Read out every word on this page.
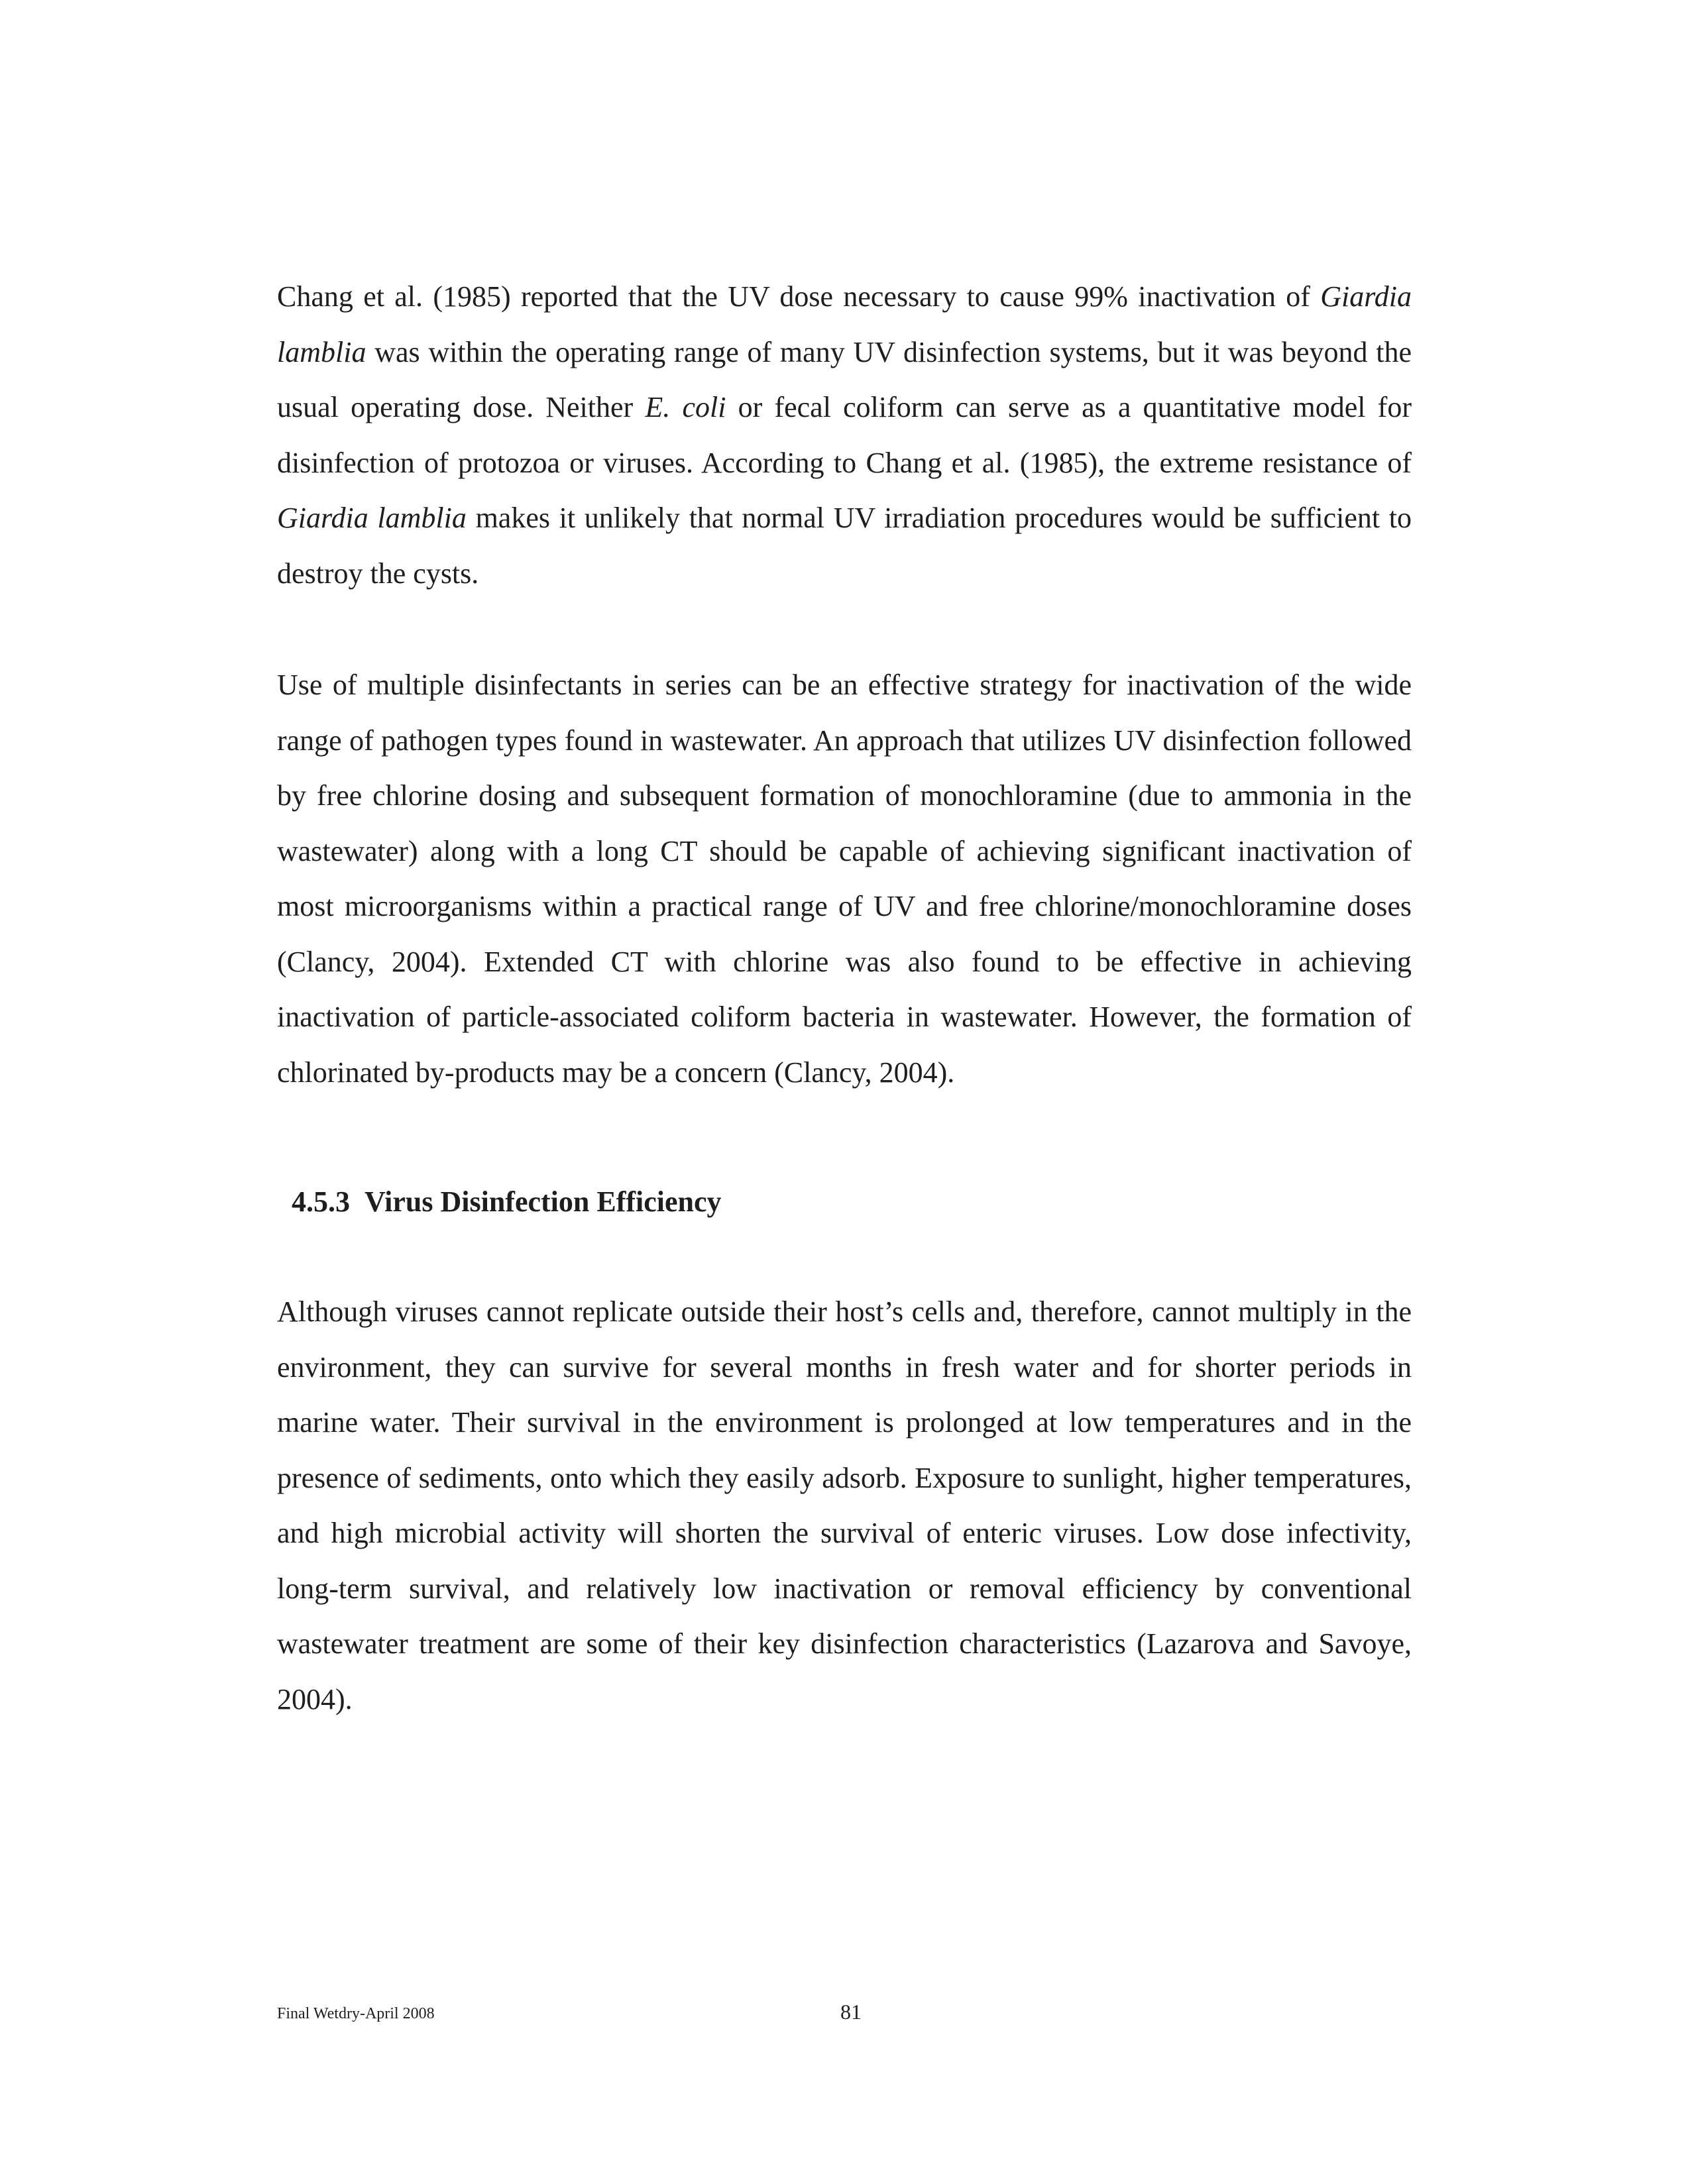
Chang et al. (1985) reported that the UV dose necessary to cause 99% inactivation of Giardia lamblia was within the operating range of many UV disinfection systems, but it was beyond the usual operating dose. Neither E. coli or fecal coliform can serve as a quantitative model for disinfection of protozoa or viruses. According to Chang et al. (1985), the extreme resistance of Giardia lamblia makes it unlikely that normal UV irradiation procedures would be sufficient to destroy the cysts.

Use of multiple disinfectants in series can be an effective strategy for inactivation of the wide range of pathogen types found in wastewater. An approach that utilizes UV disinfection followed by free chlorine dosing and subsequent formation of monochloramine (due to ammonia in the wastewater) along with a long CT should be capable of achieving significant inactivation of most microorganisms within a practical range of UV and free chlorine/monochloramine doses (Clancy, 2004). Extended CT with chlorine was also found to be effective in achieving inactivation of particle-associated coliform bacteria in wastewater. However, the formation of chlorinated by-products may be a concern (Clancy, 2004).

4.5.3 Virus Disinfection Efficiency

Although viruses cannot replicate outside their host’s cells and, therefore, cannot multiply in the environment, they can survive for several months in fresh water and for shorter periods in marine water. Their survival in the environment is prolonged at low temperatures and in the presence of sediments, onto which they easily adsorb. Exposure to sunlight, higher temperatures, and high microbial activity will shorten the survival of enteric viruses. Low dose infectivity, long-term survival, and relatively low inactivation or removal efficiency by conventional wastewater treatment are some of their key disinfection characteristics (Lazarova and Savoye, 2004).

Final Wetdry-April 2008	81
